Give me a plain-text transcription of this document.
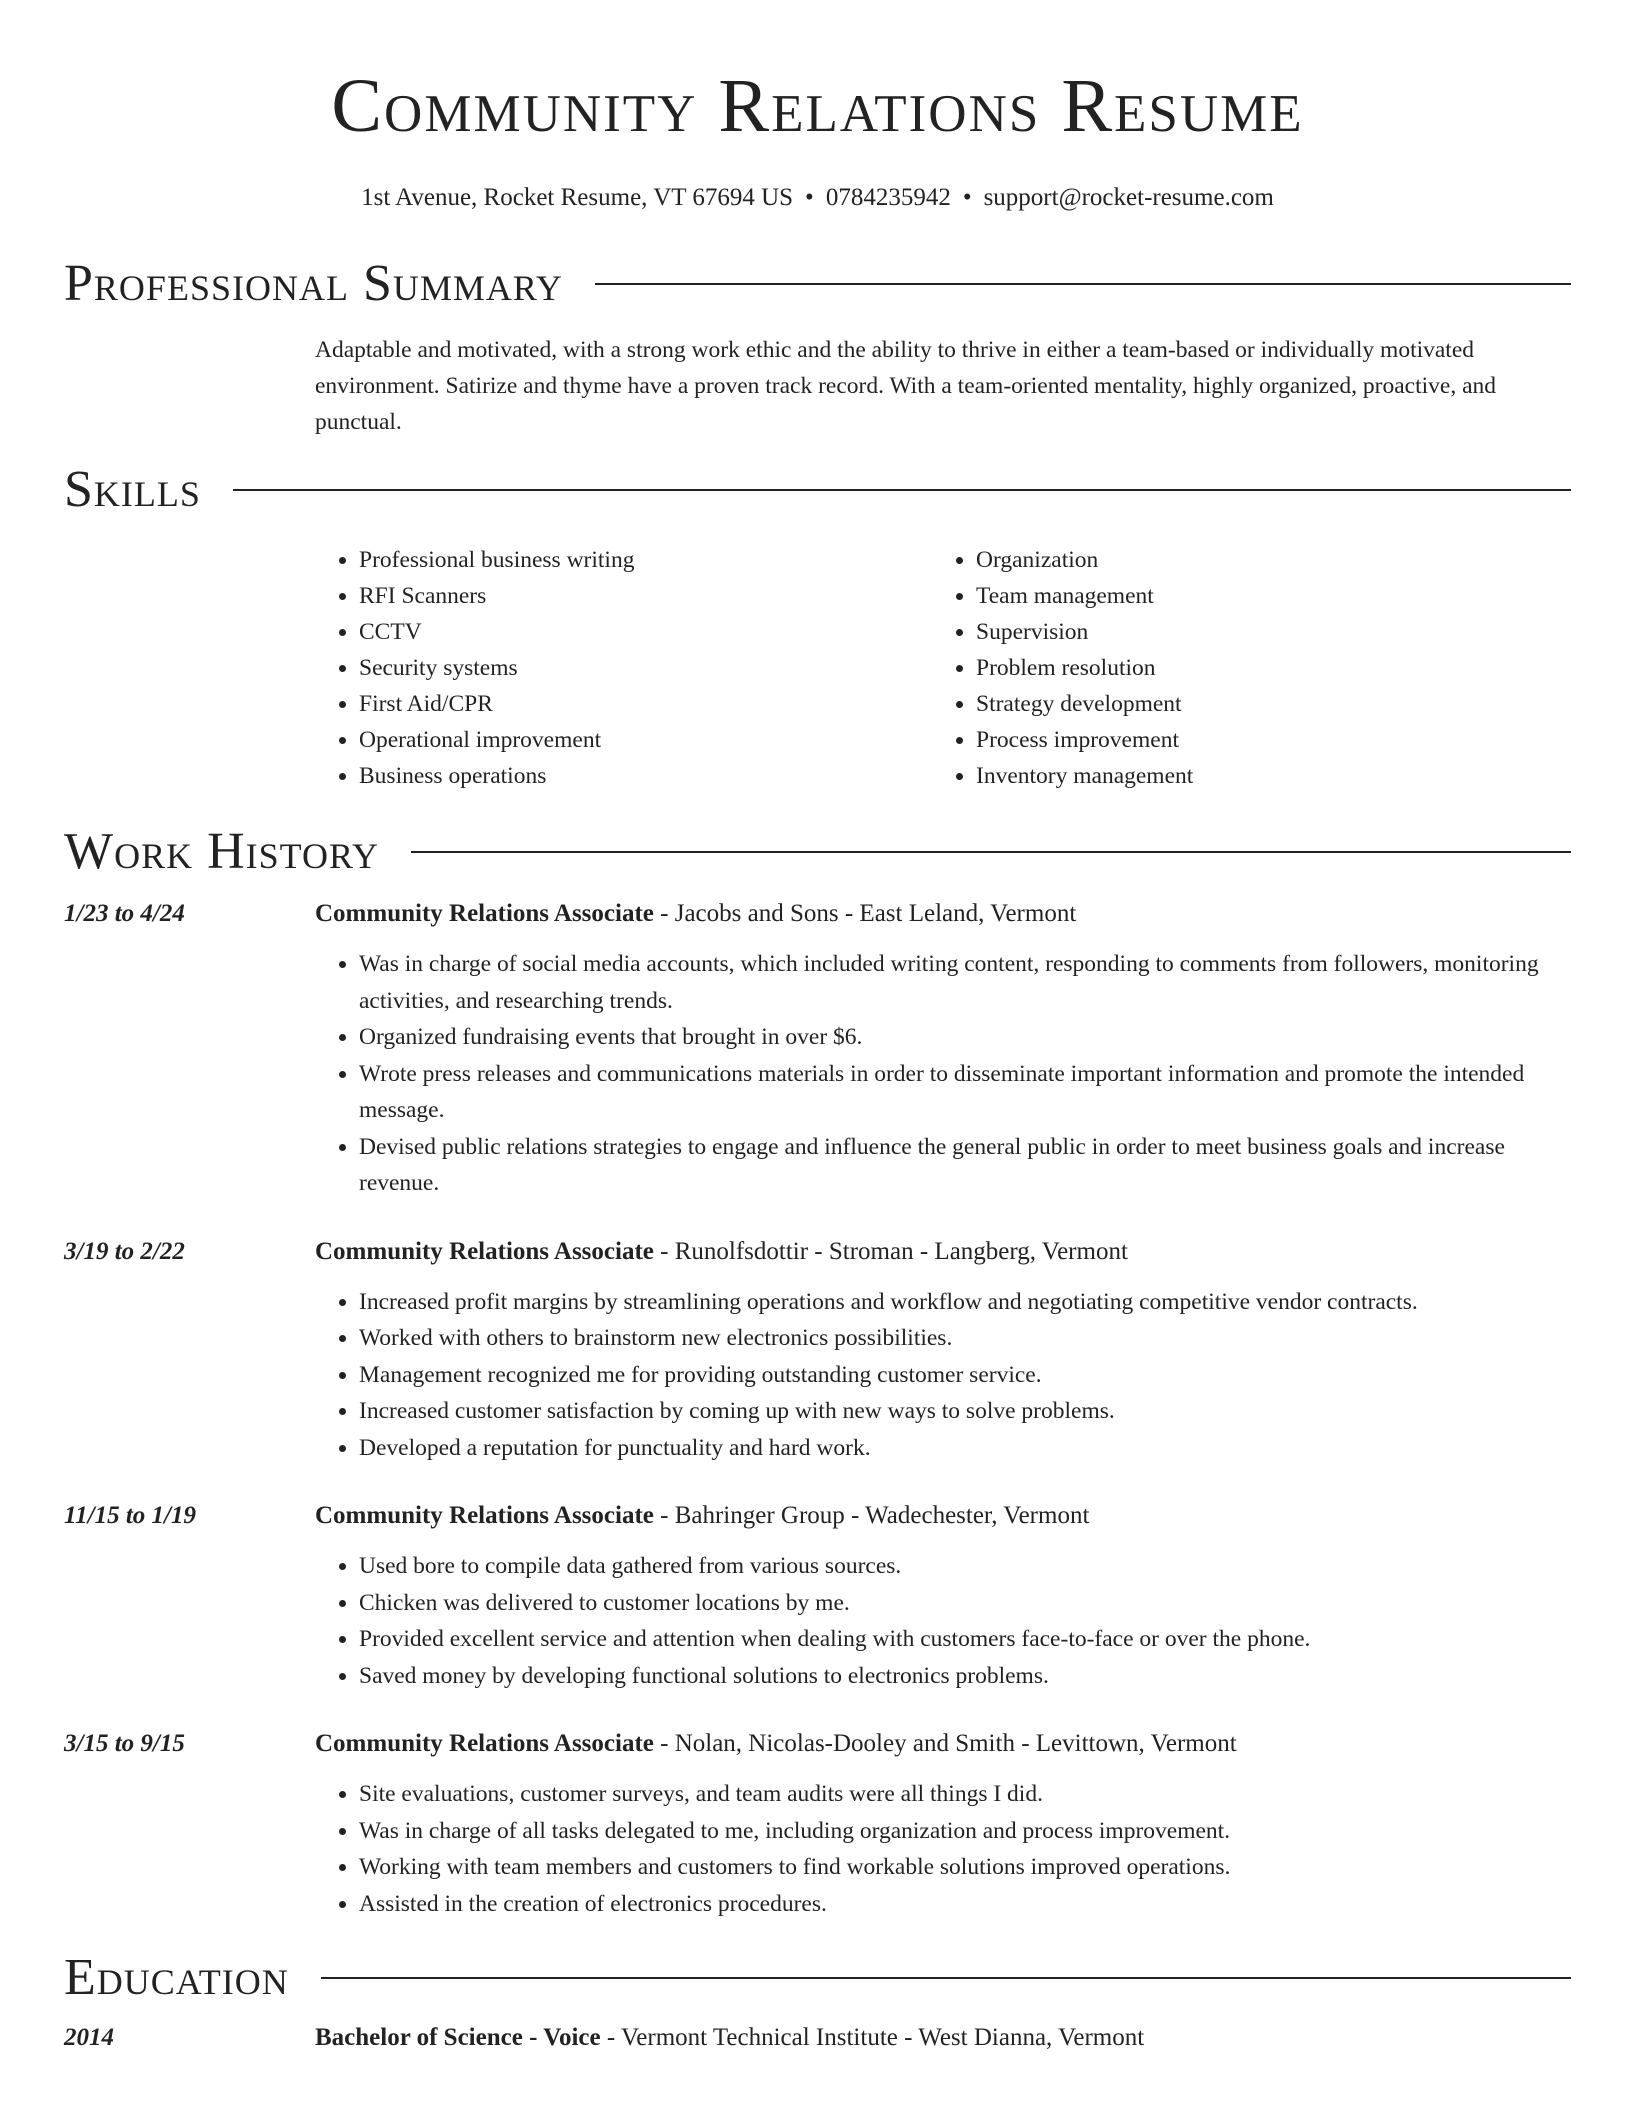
Community Relations Resume
1st Avenue, Rocket Resume, VT 67694 US • 0784235942 • support@rocket-resume.com
Professional Summary

Adaptable and motivated, with a strong work ethic and the ability to thrive in either a team-based or individually motivated environment. Satirize and thyme have a proven track record. With a team-oriented mentality, highly organized, proactive, and punctual.

Skills
• Professional business writing
• RFI Scanners
• CCTV
• Security systems
• First Aid/CPR
• Operational improvement
• Business operations
• Organization
• Team management
• Supervision
• Problem resolution
• Strategy development
• Process improvement
• Inventory management
Work History
1/23 to 4/24	Community Relations Associate - Jacobs and Sons - East Leland, Vermont
• Was in charge of social media accounts, which included writing content, responding to comments from followers, monitoring activities, and researching trends.
• Organized fundraising events that brought in over $6.
• Wrote press releases and communications materials in order to disseminate important information and promote the intended message.
• Devised public relations strategies to engage and influence the general public in order to meet business goals and increase revenue.
3/19 to 2/22	Community Relations Associate - Runolfsdottir - Stroman - Langberg, Vermont
• Increased profit margins by streamlining operations and workflow and negotiating competitive vendor contracts.
• Worked with others to brainstorm new electronics possibilities.
• Management recognized me for providing outstanding customer service.
• Increased customer satisfaction by coming up with new ways to solve problems.
• Developed a reputation for punctuality and hard work.
11/15 to 1/19	Community Relations Associate - Bahringer Group - Wadechester, Vermont
• Used bore to compile data gathered from various sources.
• Chicken was delivered to customer locations by me.
• Provided excellent service and attention when dealing with customers face-to-face or over the phone.
• Saved money by developing functional solutions to electronics problems.
3/15 to 9/15	Community Relations Associate - Nolan, Nicolas-Dooley and Smith - Levittown, Vermont
• Site evaluations, customer surveys, and team audits were all things I did.
• Was in charge of all tasks delegated to me, including organization and process improvement.
• Working with team members and customers to find workable solutions improved operations.
• Assisted in the creation of electronics procedures.
Education
2014	Bachelor of Science - Voice - Vermont Technical Institute - West Dianna, Vermont
